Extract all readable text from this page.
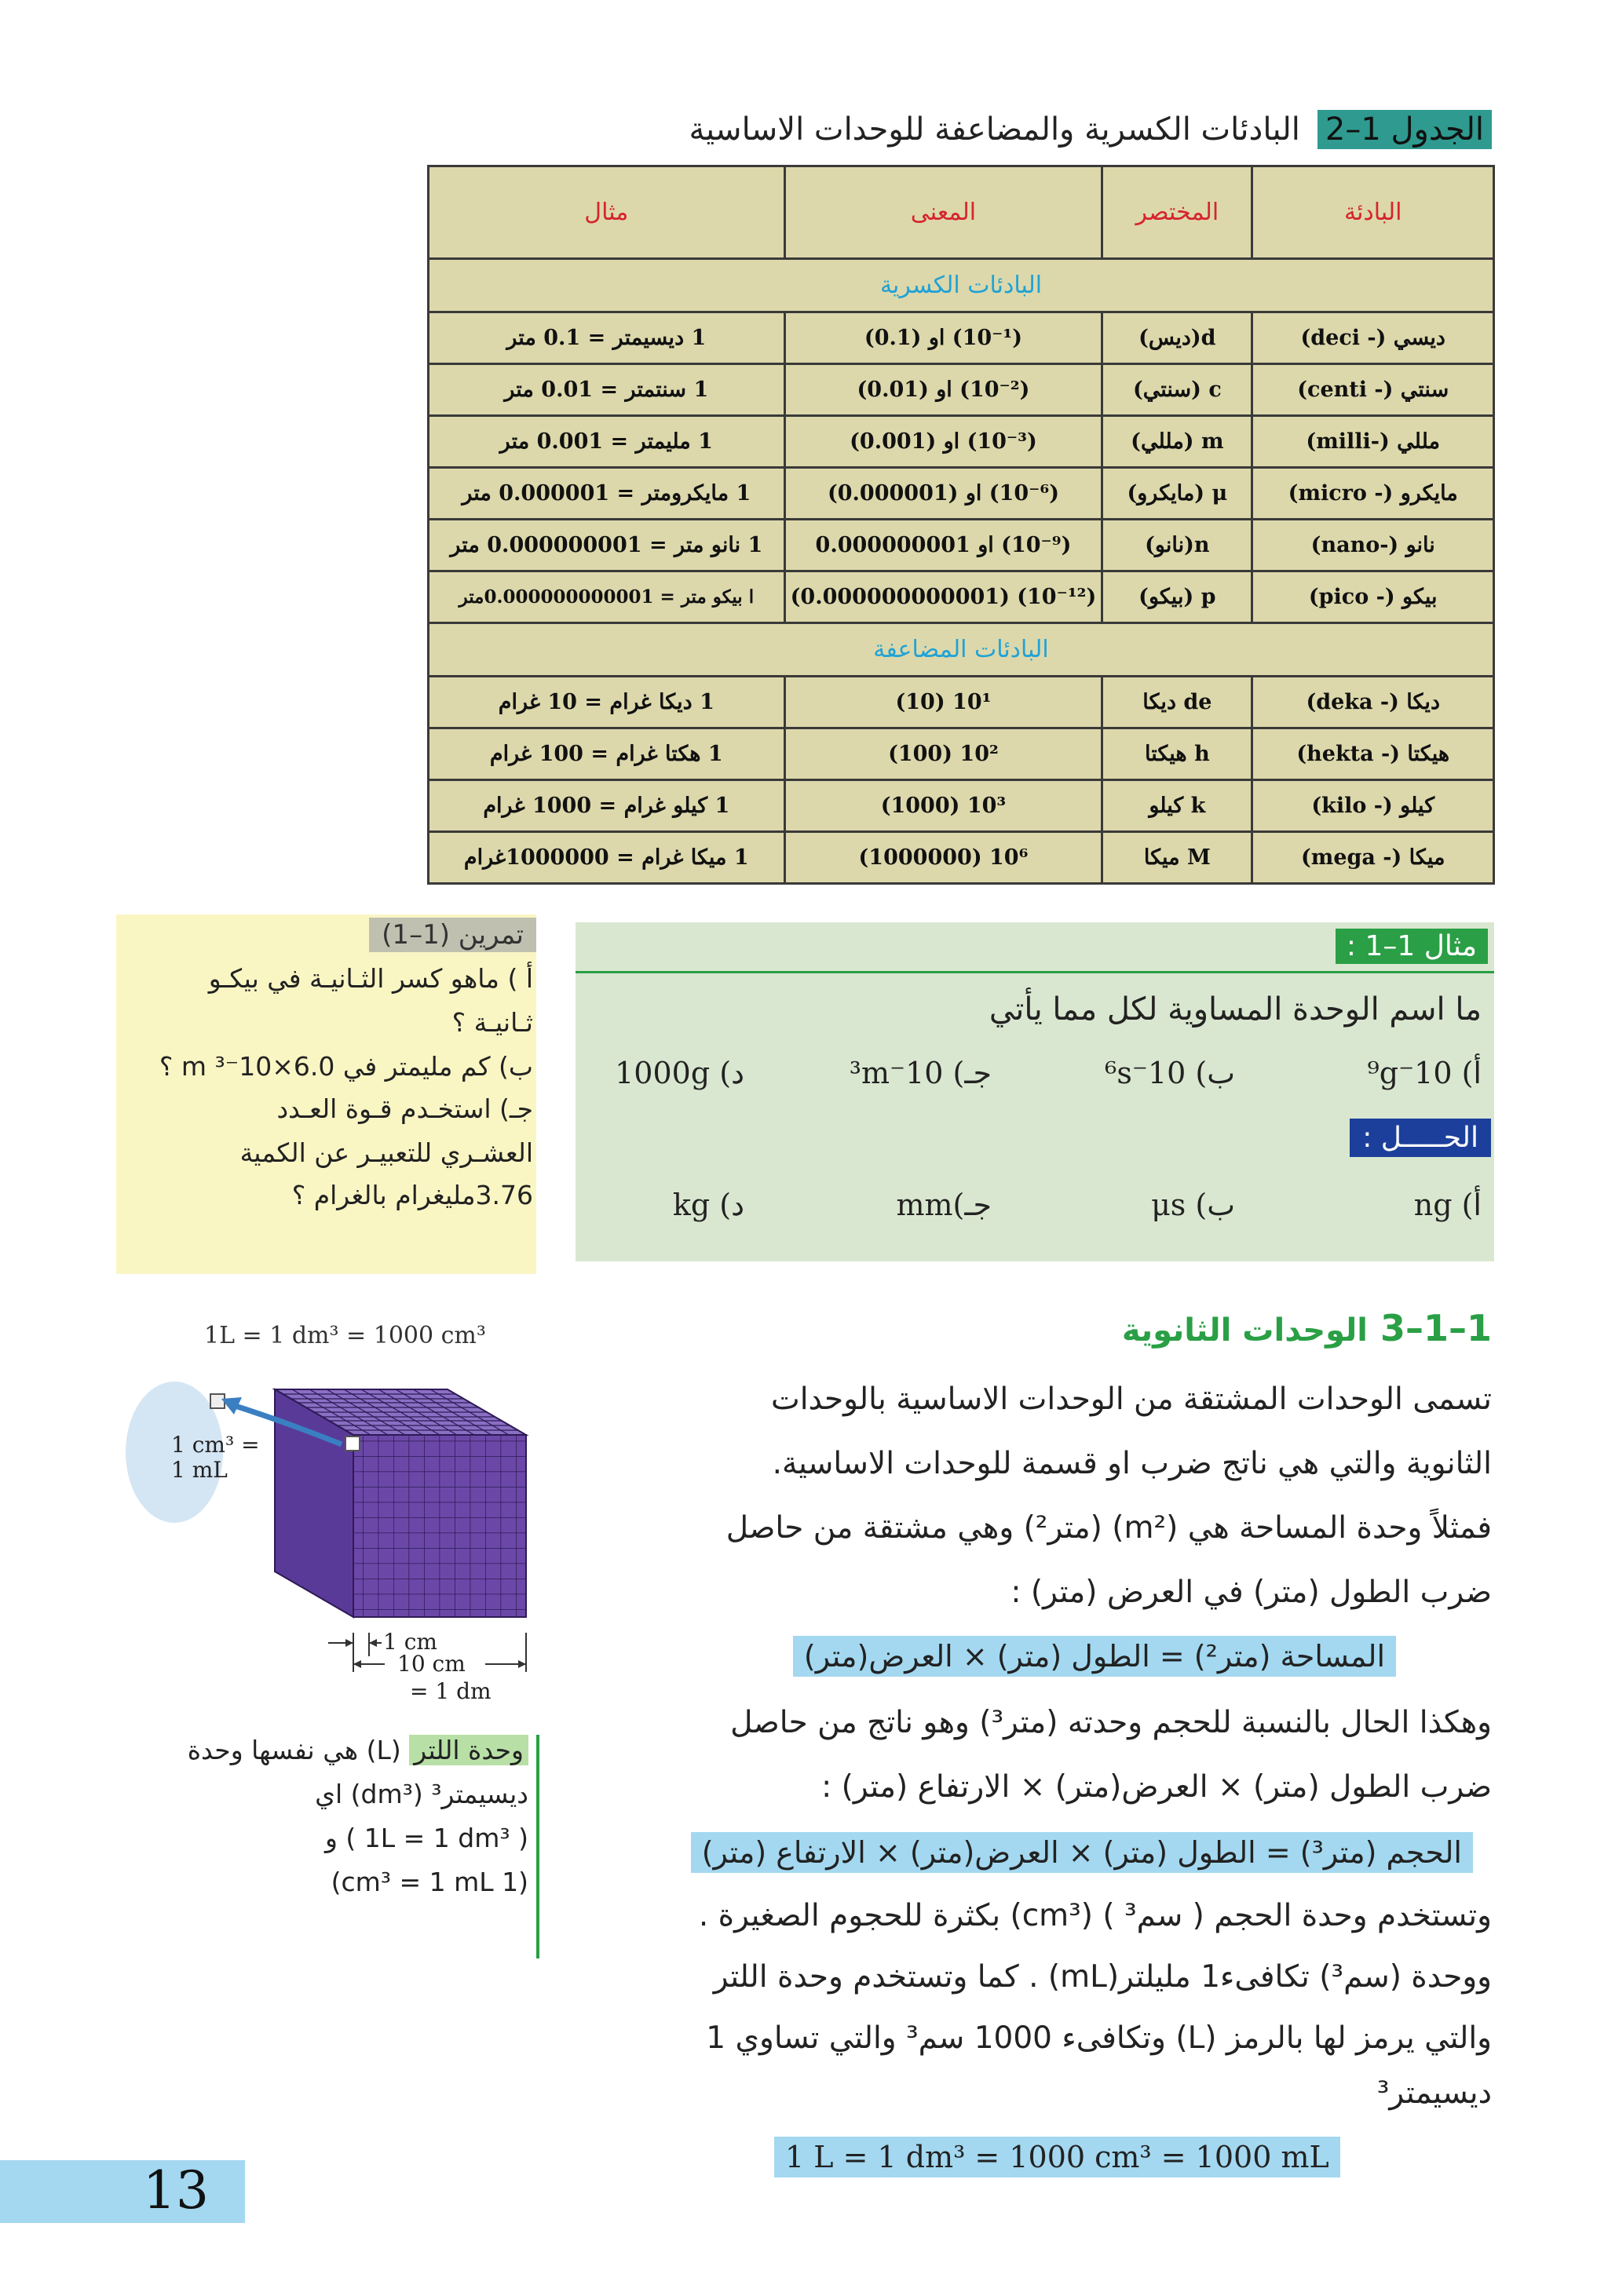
الجدول 1–2
البادئات الكسرية والمضاعفة للوحدات الاساسية
البادئة	المختصر	المعنى	مثال
البادئات الكسرية			
ديسي (- deci)	d(ديس)	(10⁻¹) او (0.1)	1 ديسيمتر = 0.1 متر
سنتي (- centi)	c (سنتي)	(10⁻²) او (0.01)	1 سنتمتر = 0.01 متر
مللي (-milli)	m (مللي)	(10⁻³) او (0.001)	1 مليمتر = 0.001 متر
مايكرو (- micro)	μ (مايكرو)	(10⁻⁶) او (0.000001)	1 مايكرومتر = 0.000001 متر
نانو (-nano)	n(نانو)	(10⁻⁹) او 0.000000001	1 نانو متر = 0.000000001 متر
بيكو (- pico)	p (بيكو)	(10⁻¹²) (0.000000000001)	ا بيكو متر = 0.000000000001متر
البادئات المضاعفة			
ديكا (- deka)	de ديكا	10¹ (10)	1 ديكا غرام = 10 غرام
هيكتا (- hekta)	h هيكتا	10² (100)	1 هكتا غرام = 100 غرام
كيلو (- kilo)	k كيلو	10³ (1000)	1 كيلو غرام = 1000 غرام
ميكا (- mega)	M ميكا	10⁶ (1000000)	1 ميكا غرام = 1000000غرام
مثال 1–1 :
ما اسم الوحدة المساوية لكل مما يأتي
أ) 10⁻⁹g
ب) 10⁻⁶s
جـ) 10⁻³m
د) 1000g
الحـــــل :
أ) ng
ب) μs
جـ)mm
د) kg
تمرين (1–1)
أ ) ماهو كسر الثـانيـة في بيكـو
ثـانيـة ؟
ب) كم مليمتر في 6.0×10⁻³ m ؟
جـ) استخـدم قـوة العـدد
العشـري للتعبيـر عن الكمية
3.76مليغرام بالغرام ؟
1L = 1 dm³ = 1000 cm³
1 cm³ =
1 mL
1 cm
10 cm
= 1 dm
1–1–3 الوحدات الثانوية
تسمى الوحدات المشتقة من الوحدات الاساسية بالوحدات
الثانوية والتي هي ناتج ضرب او قسمة للوحدات الاساسية.
فمثلاً وحدة المساحة هي (m²) (متر²) وهي مشتقة من حاصل
ضرب الطول (متر) في العرض (متر) :
المساحة (متر²) = الطول (متر) × العرض(متر)
وهكذا الحال بالنسبة للحجم وحدته (متر³) وهو ناتج من حاصل
ضرب الطول (متر) × العرض(متر) × الارتفاع (متر) :
الحجم (متر³) = الطول (متر) × العرض(متر) × الارتفاع (متر)
وتستخدم وحدة الحجم ( سم³ ) (cm³) بكثرة للحجوم الصغيرة .
ووحدة (سم³) تكافىء1 مليلتر(mL) . كما وتستخدم وحدة اللتر
والتي يرمز لها بالرمز (L) وتكافىء 1000 سم³ والتي تساوي 1
ديسيمتر³
1 L = 1 dm³ = 1000 cm³ = 1000 mL
وحدة اللتر (L) هي نفسها وحدة
ديسيمتر³ (dm³) اي
( 1L = 1 dm³ ) و
(1 cm³ = 1 mL)
13
